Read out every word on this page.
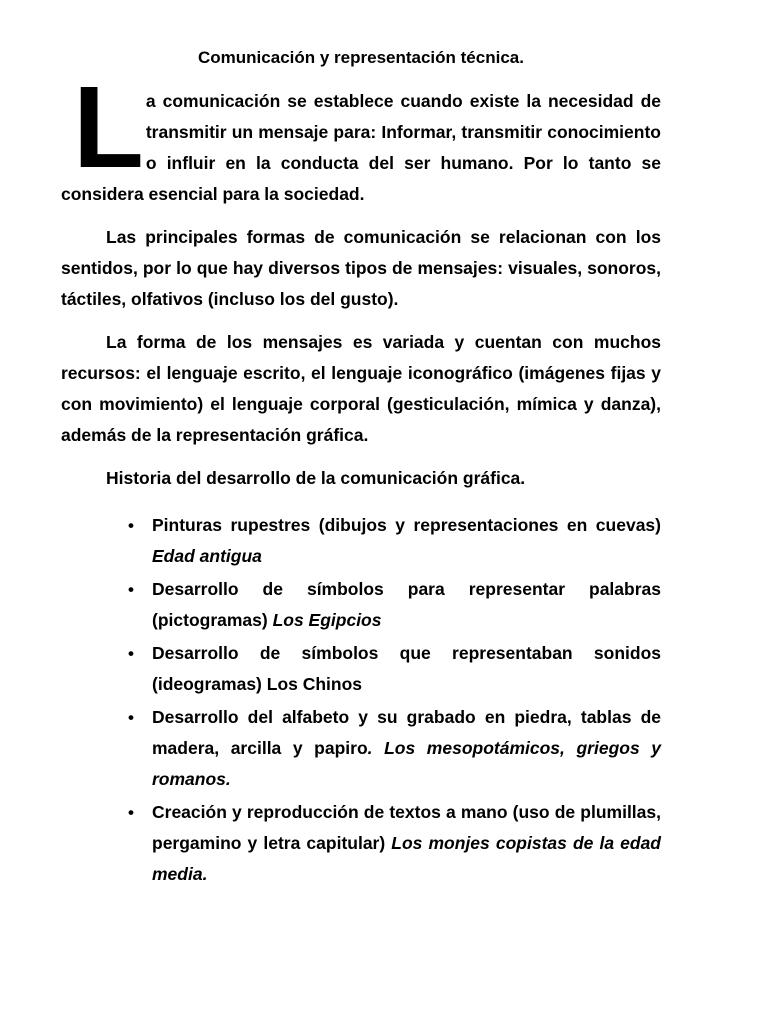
Comunicación y representación técnica.

La comunicación se establece cuando existe la necesidad de transmitir un mensaje para: Informar, transmitir conocimiento o influir en la conducta del ser humano. Por lo tanto se considera esencial para la sociedad.

Las principales formas de comunicación se relacionan con los sentidos, por lo que hay diversos tipos de mensajes: visuales, sonoros, táctiles, olfativos (incluso los del gusto).

La forma de los mensajes es variada y cuentan con muchos recursos: el lenguaje escrito, el lenguaje iconográfico (imágenes fijas y con movimiento) el lenguaje corporal (gesticulación, mímica y danza), además de la representación gráfica.

Historia del desarrollo de la comunicación gráfica.

• Pinturas rupestres (dibujos y representaciones en cuevas) Edad antigua
• Desarrollo de símbolos para representar palabras (pictogramas) Los Egipcios
• Desarrollo de símbolos que representaban sonidos (ideogramas) Los Chinos
• Desarrollo del alfabeto y su grabado en piedra, tablas de madera, arcilla y papiro. Los mesopotámicos, griegos y romanos.
• Creación y reproducción de textos a mano (uso de plumillas, pergamino y letra capitular) Los monjes copistas de la edad media.
